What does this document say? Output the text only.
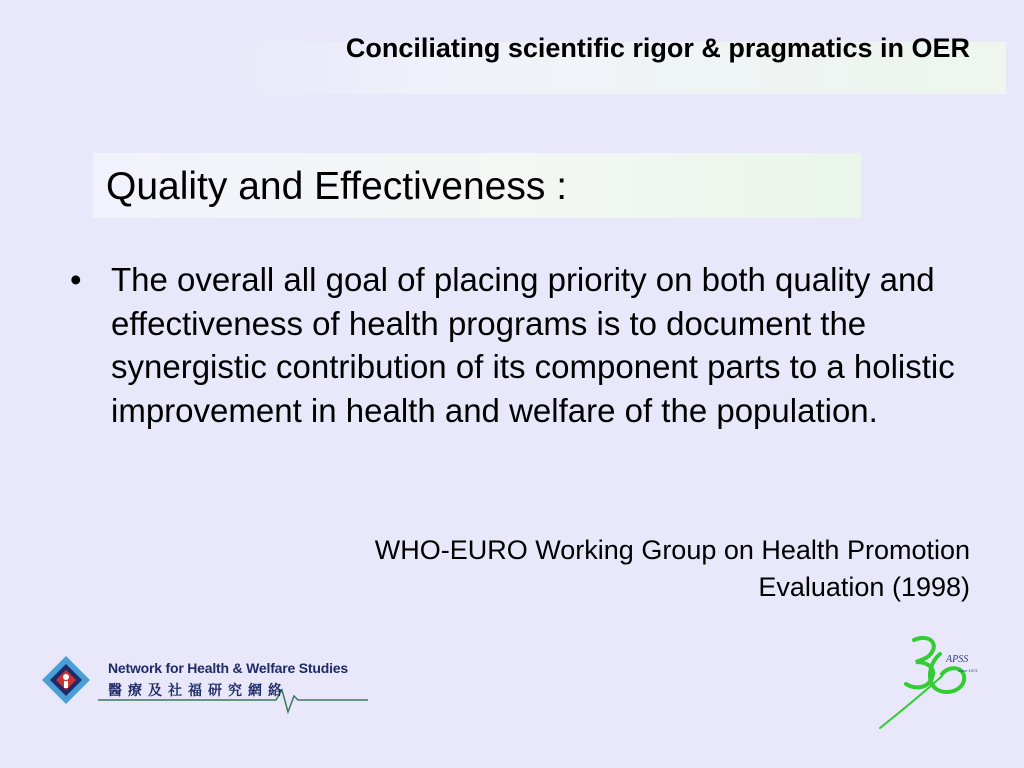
Conciliating scientific rigor & pragmatics in OER
Quality and Effectiveness :
• The overall all goal of placing priority on both quality and effectiveness of health programs is to document the synergistic contribution of its component parts to a holistic improvement in health and welfare of the population.
WHO-EURO Working Group on Health Promotion
Evaluation (1998)
Network for Health & Welfare Studies
醫療及社福研究網絡
APSS
since 1973
